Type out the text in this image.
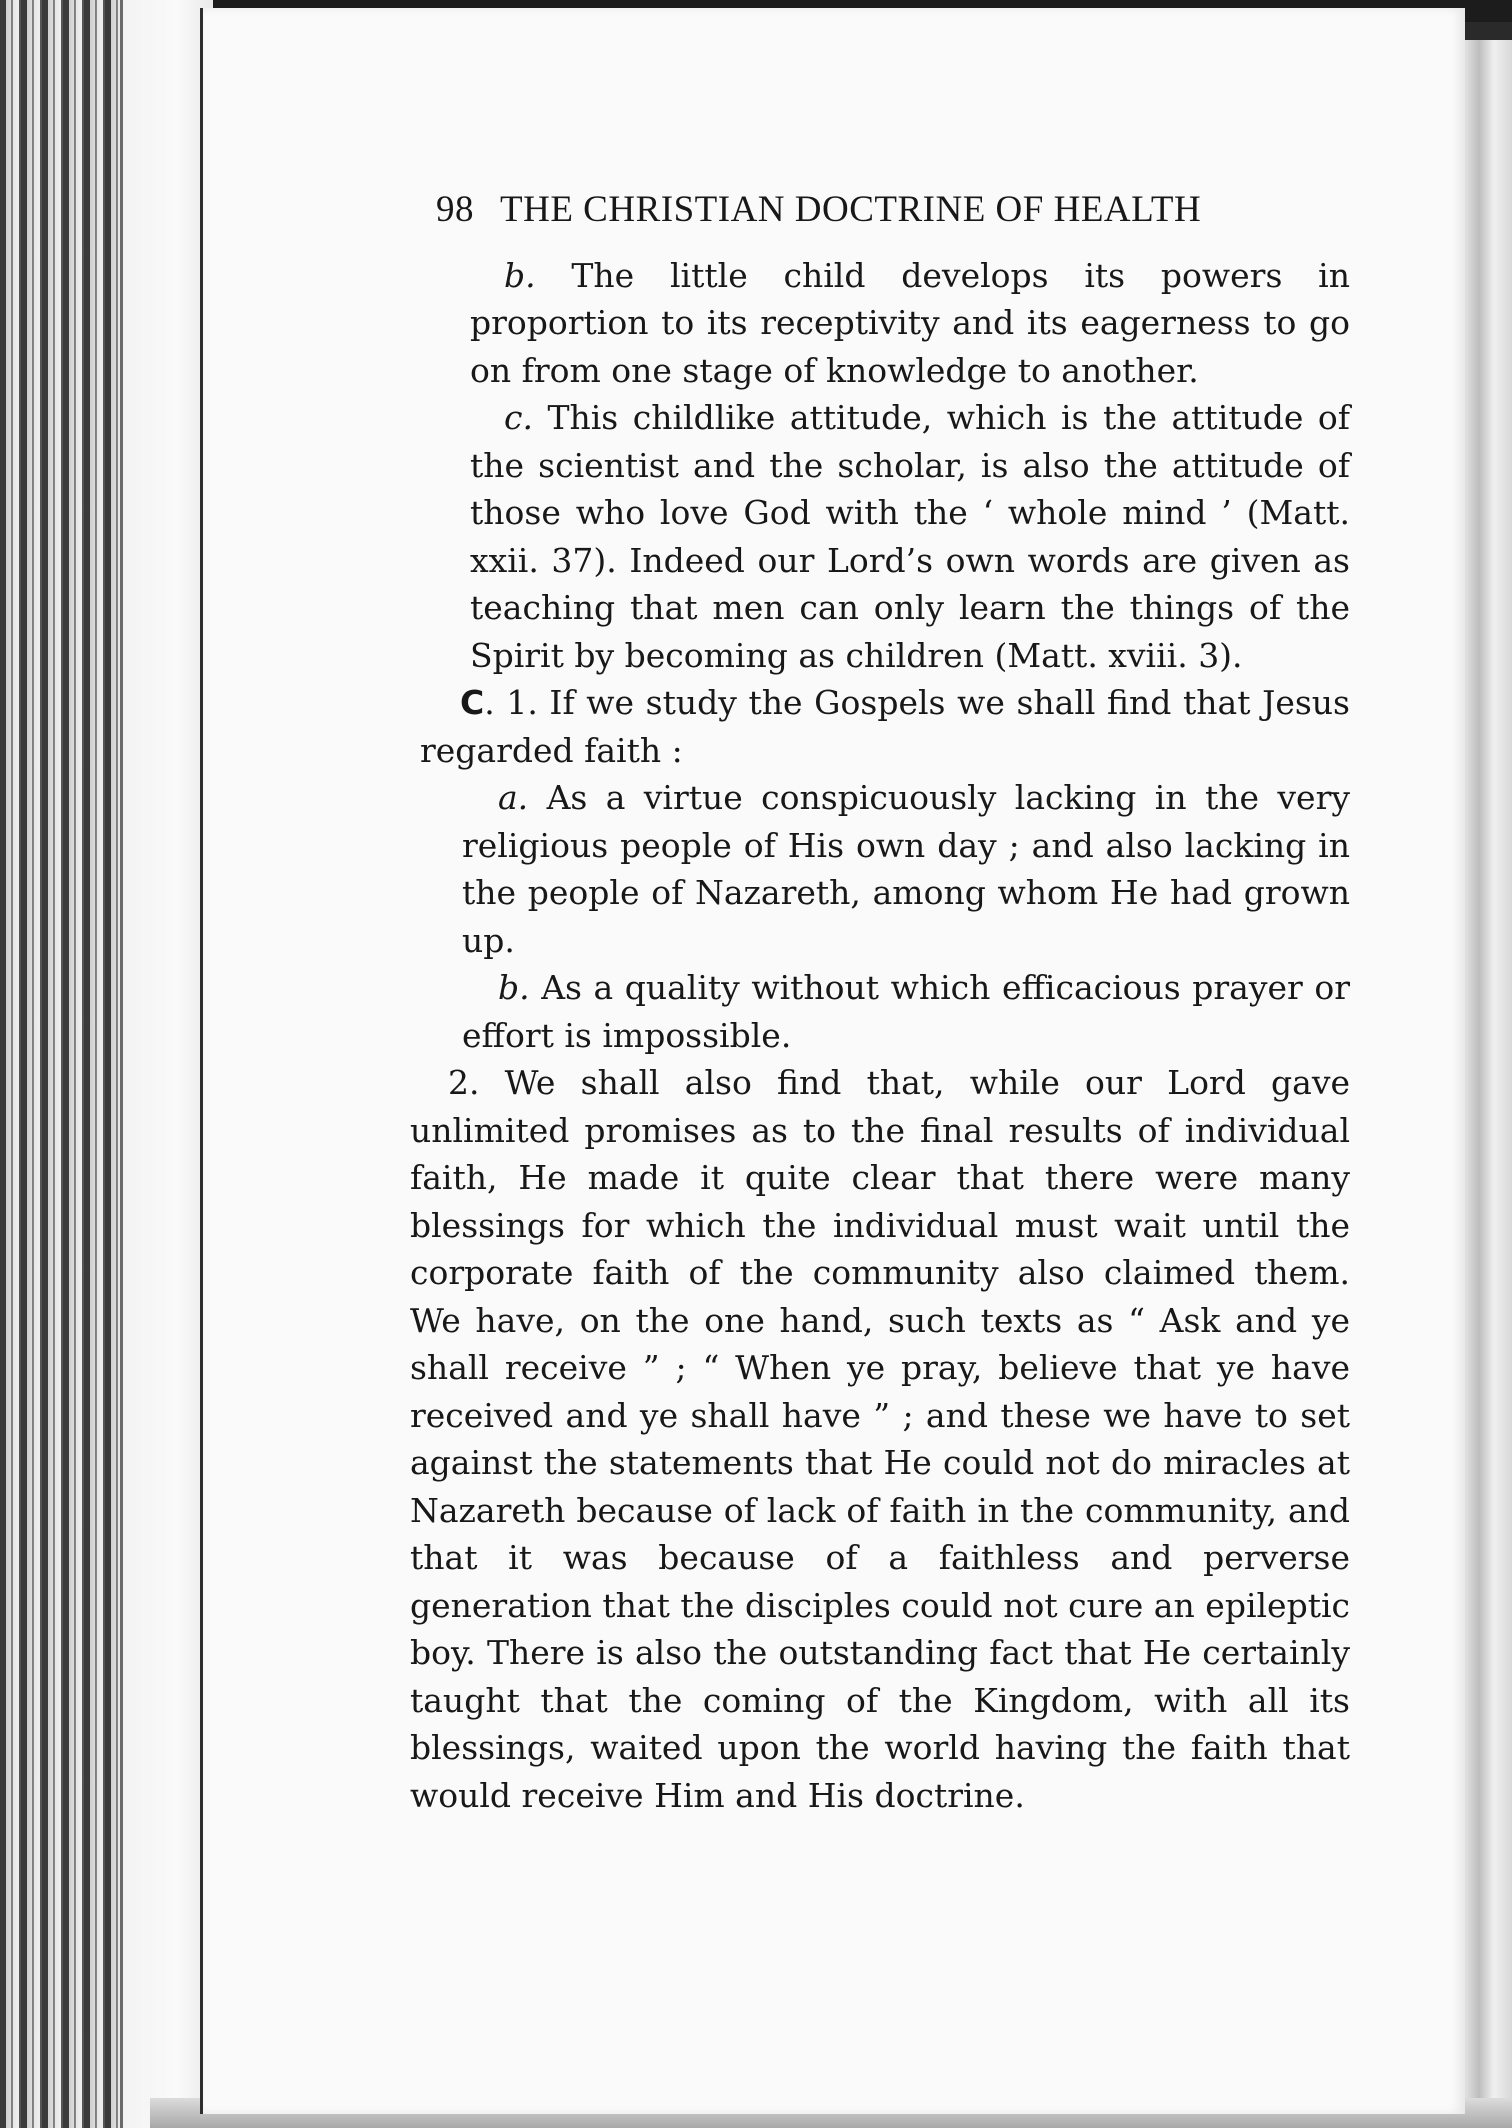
98 THE CHRISTIAN DOCTRINE OF HEALTH

b. The little child develops its powers in proportion to its receptivity and its eagerness to go on from one stage of knowledge to another.

c. This childlike attitude, which is the attitude of the scientist and the scholar, is also the attitude of those who love God with the ‘ whole mind ’ (Matt. xxii. 37). Indeed our Lord’s own words are given as teaching that men can only learn the things of the Spirit by becoming as children (Matt. xviii. 3).

C. 1. If we study the Gospels we shall find that Jesus regarded faith :

a. As a virtue conspicuously lacking in the very religious people of His own day ; and also lacking in the people of Nazareth, among whom He had grown up.

b. As a quality without which efficacious prayer or effort is impossible.

2. We shall also find that, while our Lord gave unlimited promises as to the final results of individual faith, He made it quite clear that there were many blessings for which the individual must wait until the corporate faith of the community also claimed them. We have, on the one hand, such texts as “ Ask and ye shall receive ” ; “ When ye pray, believe that ye have received and ye shall have ” ; and these we have to set against the statements that He could not do miracles at Nazareth because of lack of faith in the community, and that it was because of a faithless and perverse generation that the disciples could not cure an epileptic boy. There is also the outstanding fact that He certainly taught that the coming of the Kingdom, with all its blessings, waited upon the world having the faith that would receive Him and His doctrine.
